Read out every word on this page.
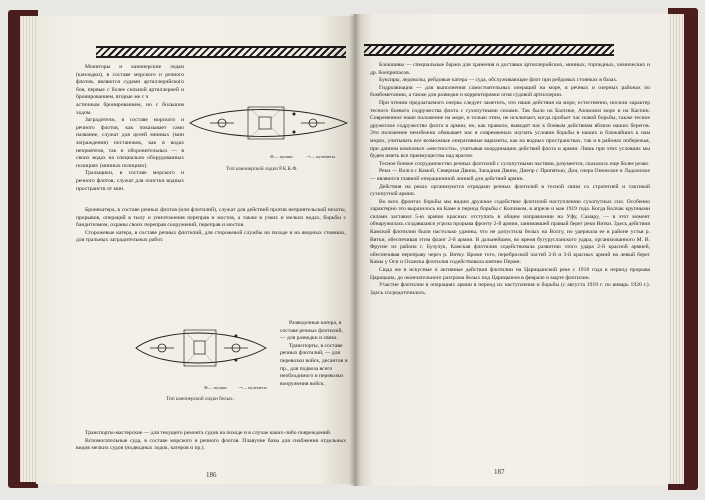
Мониторы и канонерские лодки (канлодки), в составе морского и речного флотов, являются судами артиллерийского боя, первые с более сильной артиллерией и бронированием, вторые же с ч

астичным бронированием, но с большим ходом.

Заградители, в составе морского и речного флотов, как показывает само название, служат для целей минных (мин заграждения) постановок, как в водах неприятеля, так и оборонительных — в своих водах на специально оборудованных позициях (минных позициях).

Тральщики, в составе морского и речного флотов, служат для очистки водных пространств от мин.

⊖— пушки	−•— пулеметы
Тип канонерской лодки Р.К.К.Ф.

Бронекатера, в составе речных флотов (или флотилий), служат для действий против неприятельской пехоты, прорывов, операций в тылу и уничтожения переправ и мостов, а также в узких и мелких водах, борьбы с бандитизмом, охраны своих переправ сооружений, переправ и мостов.

Сторожевые катера, в составе речных флотилий, для сторожевой службы на походе и на якорных стоянках, для тральных заградительных работ.

Разведочные катера, в составе речных флотилий, — для разведки и связи.

Транспорты, в составе речных флотилий, — для перевозки войск, десантов и пр., для подвоза всего необходимого и перевозки вооружения войск.

⊖— пушки −•— пулеметы
Тип канонерской лодки белых.

Транспорты-мастерские — для текущего ремонта судов на походе и в случае каких-либо повреждений.

Вспомогательные суда, в составе морского и речного флотов. Плавучие базы для снабжения отдельных видов мелких судов (подводных лодок, катеров и пр.).

186

Блокшивы — специальные баржи для хранения и доставки артиллерийских, минных, торпедных, химических и др. боеприпасов.

Буксиры, ледоколы, рейдовые катера — суда, обслуживающие флот при рейдовых стоянках в базах.

Гидроавиация — для выполнения самостоятельных операций на море, в речных и озерных районах по бомбометанию, а также для разведки и корректировки огня судовой артиллерии.

При чтении предлагаемого очерка следует заметить, что наши действия на море, естественно, носили характер тесного боевого содружества флота с сухопутными силами. Так было на Балтике, Азовском море и на Каспии. Современное наше положение на море, и только этим, не исключает, когда пробьет час новой борьбы, также тесное дружеское содружество флота и армии, но, как правило, выводят нас к боевым действиям вблизи наших берегов. Это положение неизбежно обязывает нас в современных изучать условия борьбы в наших и ближайших к нам морях, учитывать все возможные оперативные варианты, как на водных пространствах, так и в районах побережья, при данном комплексе «местности», учитывая координацию действий флота и армии. Лишь при этих условиях мы будем иметь все преимущества над врагом.

Тесное боевое сотрудничество речных флотилий с сухопутными частями, разумеется, сказалось еще более резко.

Реки — Волга с Камой, Северная Двина, Западная Двина, Днепр с Припятью, Дон, озера Онежское и Ладожское — являются главной операционной линией для действий армии.

Действия на реках организуются отрядами речных флотилий в тесной связи со стратегией и тактикой сухопутной армии.

Во всех фронтах борьбы мы видим дружное содействие флотилий наступлению сухопутных сил. Особенно характерно это выразилось на Каме в период борьбы с Колчаком, в апреле и мае 1919 года. Когда Колчак крупными силами заставил 5-ю армию красных отступать в общем направлении на Уфу, Самару, — в этот момент обнаружилась создавшаяся угроза прорыва фронту 2-й армии, занимавшей правый берег реки Вятки. Здесь действия Камской флотилии были настолько удачны, что не допустила белых на Волгу, но удержала ее в районе устья р. Вятки, обеспечивая этим фланг 2-й армии. В дальнейшем, во время бугурусланского удара, организованного М. В. Фрунзе из района г. Бузулук, Камская флотилия содействовала развитию этого удара 2-й красной армией, обеспечивая переправу через р. Вятку. Кроме того, переброской частей 2-й и 3-й красных армий на левый берег Камы у Оси и Оханска флотилия содействовала взятию Перми.

Сюда же в искусные и активные действия флотилии на Царицынской реке с 1918 года в период прорыва Царицына, до окончательного разгрома белых под Царицыном в феврале и марте флотилии.

Участие флотилии в операциях армии в период их наступления и борьбы (с августа 1919 г. по январь 1920 г.). Здесь сосредоточилось.

187
